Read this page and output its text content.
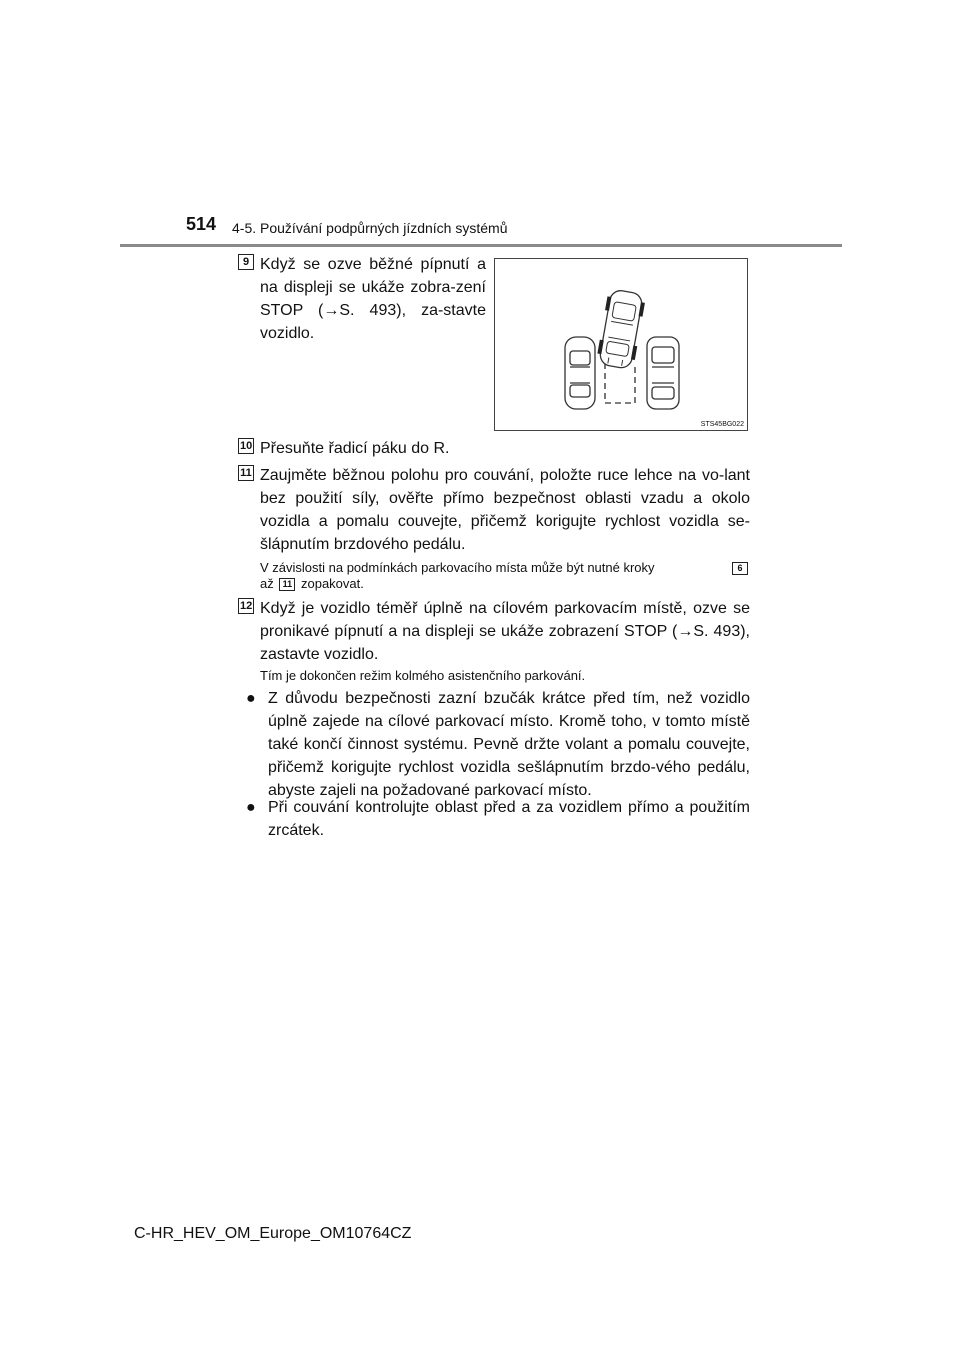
514 4-5. Používání podpůrných jízdních systémů
9 Když se ozve běžné pípnutí a na displeji se ukáže zobra-zení STOP (→S. 493), za-stavte vozidlo.
STS45BG022
10 Přesuňte řadicí páku do R.
11 Zaujměte běžnou polohu pro couvání, položte ruce lehce na vo-lant bez použití síly, ověřte přímo bezpečnost oblasti vzadu a okolo vozidla a pomalu couvejte, přičemž korigujte rychlost vozidla se-šlápnutím brzdového pedálu.
V závislosti na podmínkách parkovacího místa může být nutné kroky	6
až 11 zopakovat.
12 Když je vozidlo téměř úplně na cílovém parkovacím místě, ozve se pronikavé pípnutí a na displeji se ukáže zobrazení STOP (→S. 493), zastavte vozidlo.
Tím je dokončen režim kolmého asistenčního parkování.
● Z důvodu bezpečnosti zazní bzučák krátce před tím, než vozidlo úplně zajede na cílové parkovací místo. Kromě toho, v tomto místě také končí činnost systému. Pevně držte volant a pomalu couvejte, přičemž korigujte rychlost vozidla sešlápnutím brzdo-vého pedálu, abyste zajeli na požadované parkovací místo.
● Při couvání kontrolujte oblast před a za vozidlem přímo a použitím zrcátek.
C-HR_HEV_OM_Europe_OM10764CZ
